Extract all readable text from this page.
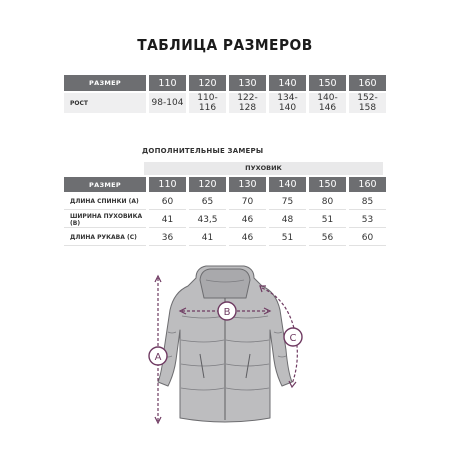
ТАБЛИЦА РАЗМЕРОВ
РАЗМЕР	110	120	130	140	150	160
РОСТ	98-104	110-116	122-128	134-140	140-146	152-158
ДОПОЛНИТЕЛЬНЫЕ ЗАМЕРЫ
ПУХОВИК
РАЗМЕР	110	120	130	140	150	160
ДЛИНА СПИНКИ (А)	60	65	70	75	80	85
ШИРИНА ПУХОВИКА (В)	41	43,5	46	48	51	53
ДЛИНА РУКАВА (С)	36	41	46	51	56	60
A
B
C
